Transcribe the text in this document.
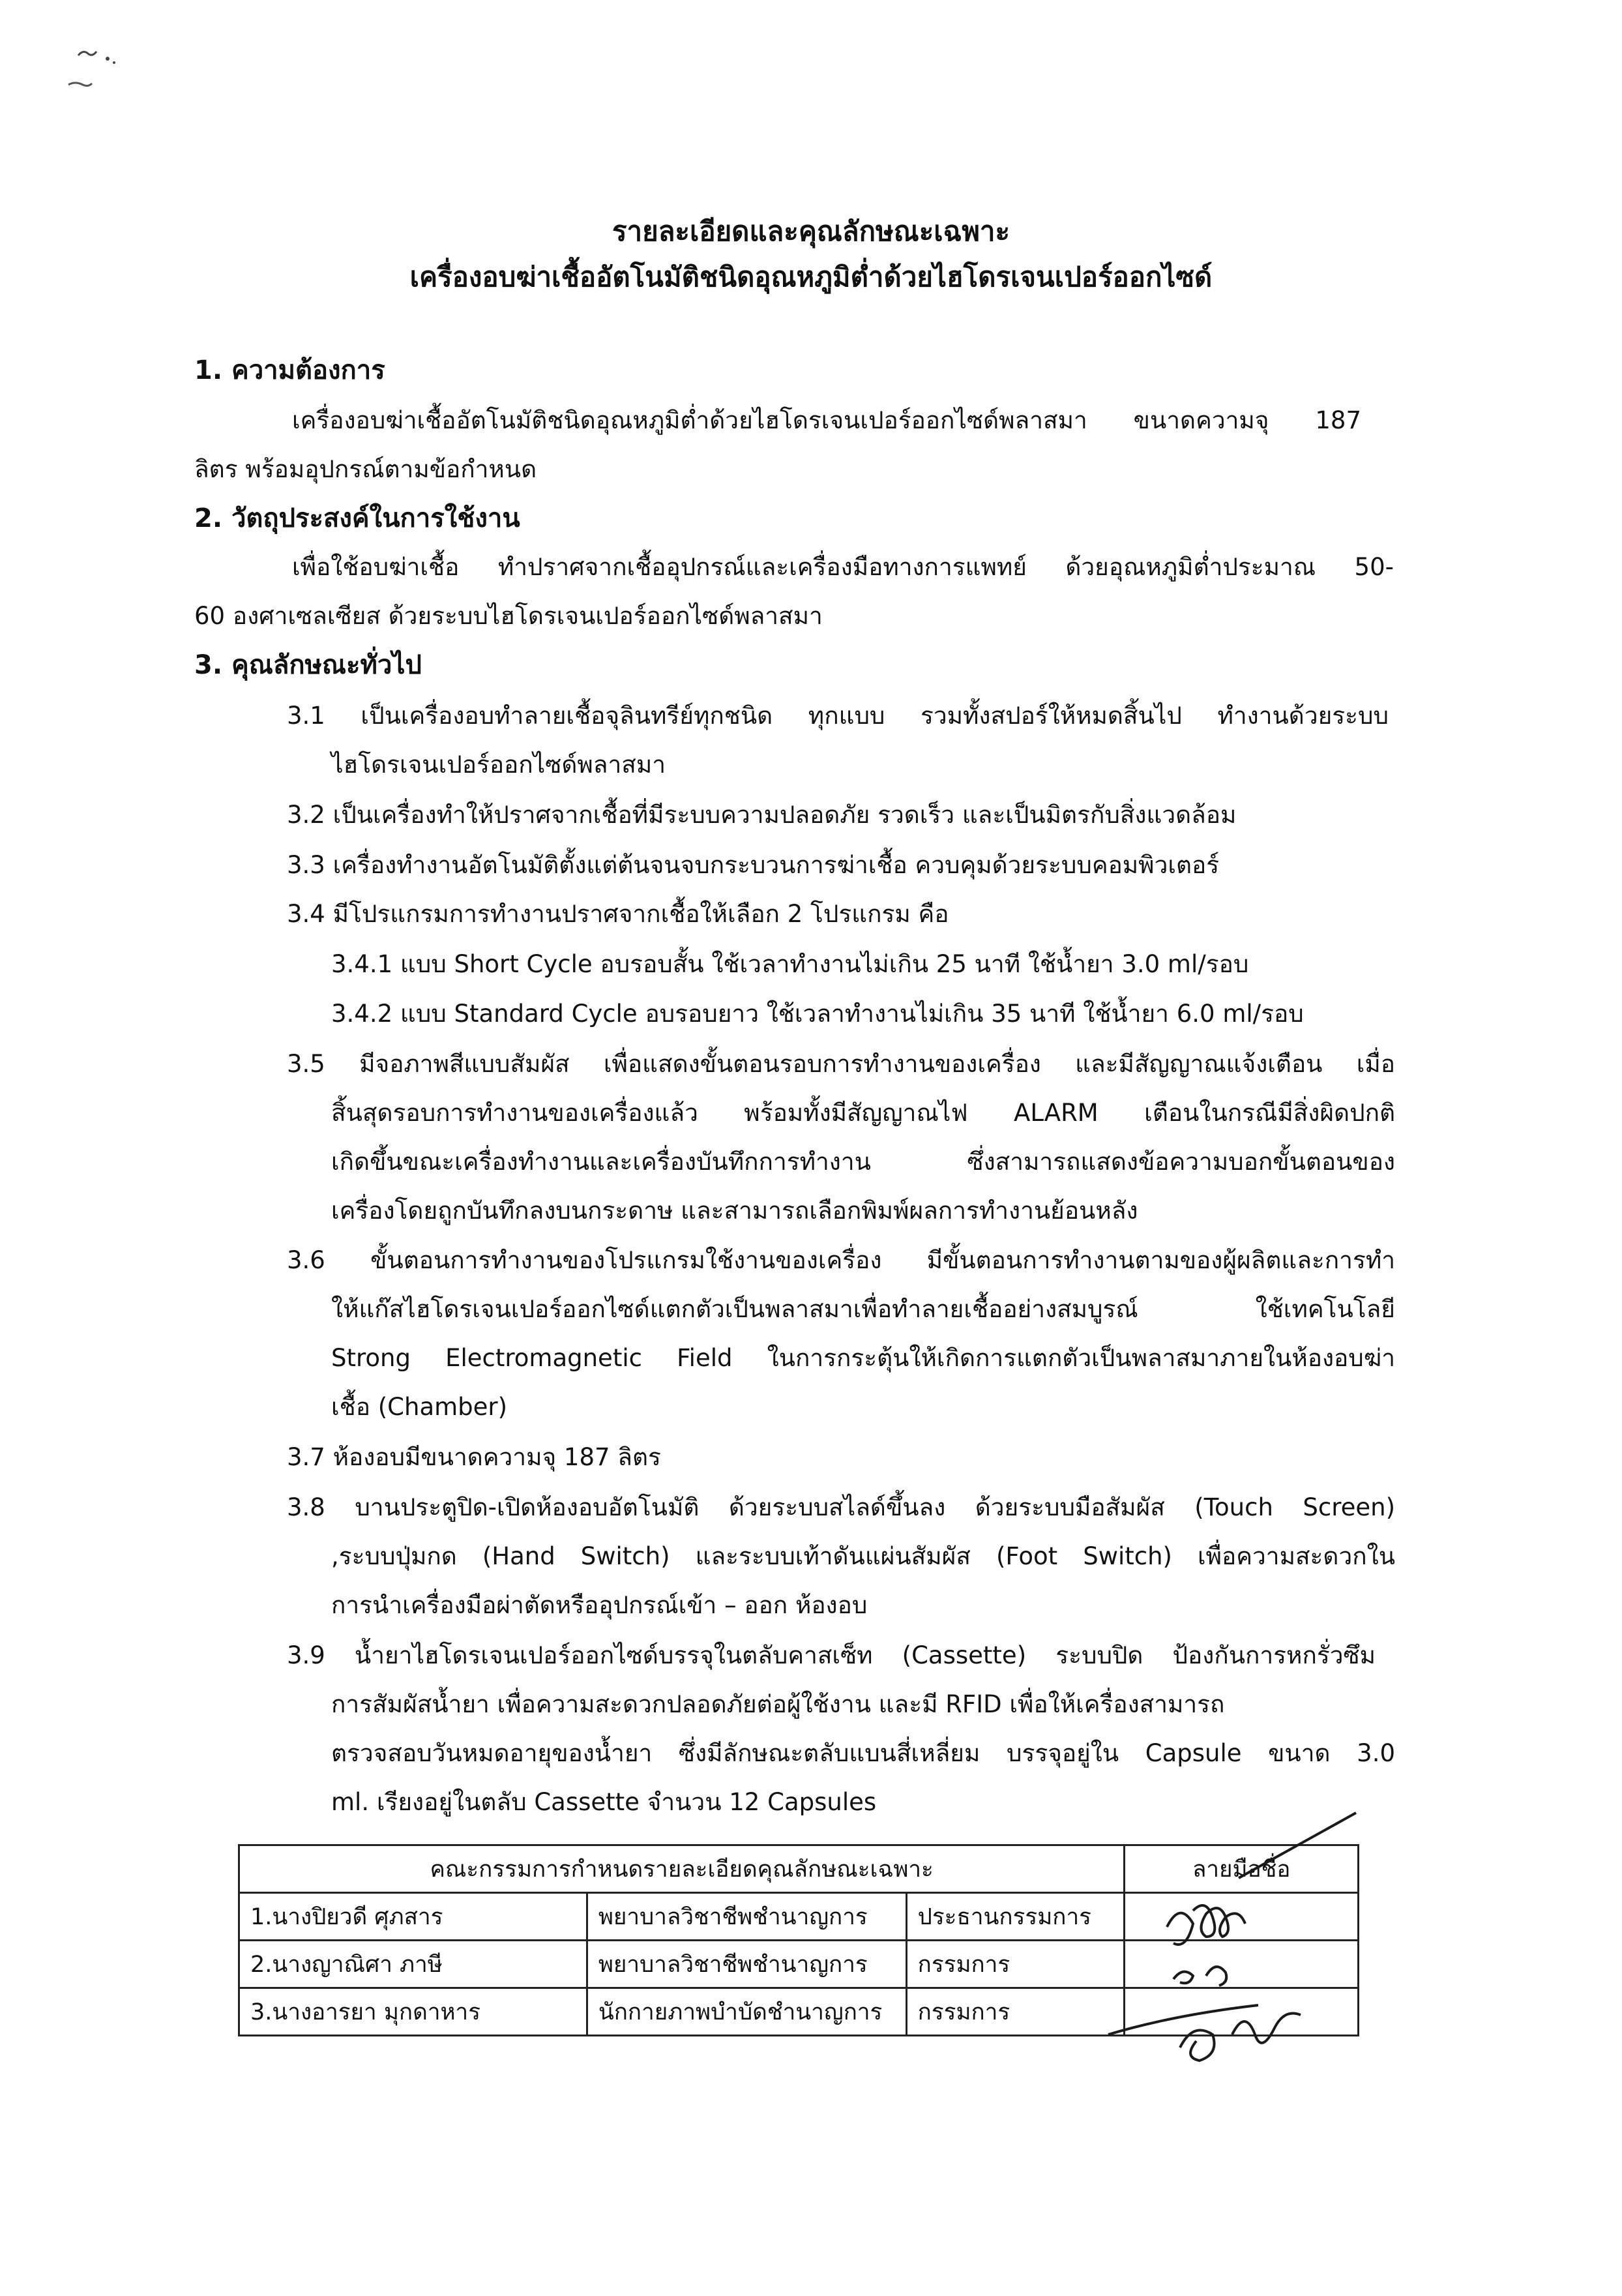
รายละเอียดและคุณลักษณะเฉพาะ
เครื่องอบฆ่าเชื้ออัตโนมัติชนิดอุณหภูมิต่ำด้วยไฮโดรเจนเปอร์ออกไซด์
1. ความต้องการ
เครื่องอบฆ่าเชื้ออัตโนมัติชนิดอุณหภูมิต่ำด้วยไฮโดรเจนเปอร์ออกไซด์พลาสมา ขนาดความจุ 187
ลิตร พร้อมอุปกรณ์ตามข้อกำหนด
2. วัตถุประสงค์ในการใช้งาน
เพื่อใช้อบฆ่าเชื้อ ทำปราศจากเชื้ออุปกรณ์และเครื่องมือทางการแพทย์ ด้วยอุณหภูมิต่ำประมาณ 50-
60 องศาเซลเซียส ด้วยระบบไฮโดรเจนเปอร์ออกไซด์พลาสมา
3. คุณลักษณะทั่วไป
3.1 เป็นเครื่องอบทำลายเชื้อจุลินทรีย์ทุกชนิด ทุกแบบ รวมทั้งสปอร์ให้หมดสิ้นไป ทำงานด้วยระบบ
ไฮโดรเจนเปอร์ออกไซด์พลาสมา
3.2 เป็นเครื่องทำให้ปราศจากเชื้อที่มีระบบความปลอดภัย รวดเร็ว และเป็นมิตรกับสิ่งแวดล้อม
3.3 เครื่องทำงานอัตโนมัติตั้งแต่ต้นจนจบกระบวนการฆ่าเชื้อ ควบคุมด้วยระบบคอมพิวเตอร์
3.4 มีโปรแกรมการทำงานปราศจากเชื้อให้เลือก 2 โปรแกรม คือ
3.4.1 แบบ Short Cycle อบรอบสั้น ใช้เวลาทำงานไม่เกิน 25 นาที ใช้น้ำยา 3.0 ml/รอบ
3.4.2 แบบ Standard Cycle อบรอบยาว ใช้เวลาทำงานไม่เกิน 35 นาที ใช้น้ำยา 6.0 ml/รอบ
3.5 มีจอภาพสีแบบสัมผัส เพื่อแสดงขั้นตอนรอบการทำงานของเครื่อง และมีสัญญาณแจ้งเตือน เมื่อ
สิ้นสุดรอบการทำงานของเครื่องแล้ว พร้อมทั้งมีสัญญาณไฟ ALARM เตือนในกรณีมีสิ่งผิดปกติ
เกิดขึ้นขณะเครื่องทำงานและเครื่องบันทึกการทำงาน ซึ่งสามารถแสดงข้อความบอกขั้นตอนของ
เครื่องโดยถูกบันทึกลงบนกระดาษ และสามารถเลือกพิมพ์ผลการทำงานย้อนหลัง
3.6 ขั้นตอนการทำงานของโปรแกรมใช้งานของเครื่อง มีขั้นตอนการทำงานตามของผู้ผลิตและการทำ
ให้แก๊สไฮโดรเจนเปอร์ออกไซด์แตกตัวเป็นพลาสมาเพื่อทำลายเชื้ออย่างสมบูรณ์ ใช้เทคโนโลยี
Strong Electromagnetic Field ในการกระตุ้นให้เกิดการแตกตัวเป็นพลาสมาภายในห้องอบฆ่า
เชื้อ (Chamber)
3.7 ห้องอบมีขนาดความจุ 187 ลิตร
3.8 บานประตูปิด-เปิดห้องอบอัตโนมัติ ด้วยระบบสไลด์ขึ้นลง ด้วยระบบมือสัมผัส (Touch Screen)
,ระบบปุ่มกด (Hand Switch) และระบบเท้าดันแผ่นสัมผัส (Foot Switch) เพื่อความสะดวกใน
การนำเครื่องมือผ่าตัดหรืออุปกรณ์เข้า – ออก ห้องอบ
3.9 น้ำยาไฮโดรเจนเปอร์ออกไซด์บรรจุในตลับคาสเซ็ท (Cassette) ระบบปิด ป้องกันการหกรั่วซึม
การสัมผัสน้ำยา เพื่อความสะดวกปลอดภัยต่อผู้ใช้งาน และมี RFID เพื่อให้เครื่องสามารถ
ตรวจสอบวันหมดอายุของน้ำยา ซึ่งมีลักษณะตลับแบนสี่เหลี่ยม บรรจุอยู่ใน Capsule ขนาด 3.0
ml. เรียงอยู่ในตลับ Cassette จำนวน 12 Capsules
คณะกรรมการกำหนดรายละเอียดคุณลักษณะเฉพาะ			ลายมือชื่อ
1.นางปิยวดี ศุภสาร	พยาบาลวิชาชีพชำนาญการ	ประธานกรรมการ	
2.นางญาณิศา ภาษี	พยาบาลวิชาชีพชำนาญการ	กรรมการ	
3.นางอารยา มุกดาหาร	นักกายภาพบำบัดชำนาญการ	กรรมการ	
